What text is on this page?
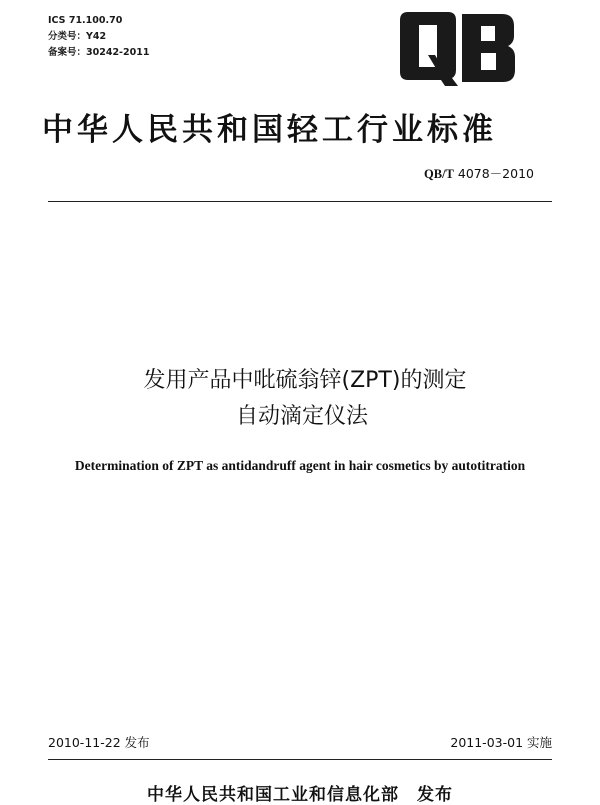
ICS 71.100.70
分类号：Y42
备案号：30242-2011
中华人民共和国轻工行业标准
QB/T 4078－2010
发用产品中吡硫翁锌(ZPT)的测定
自动滴定仪法
Determination of ZPT as antidandruff agent in hair cosmetics by autotitration
2010-11-22 发布	2011-03-01 实施
中华人民共和国工业和信息化部　发布
